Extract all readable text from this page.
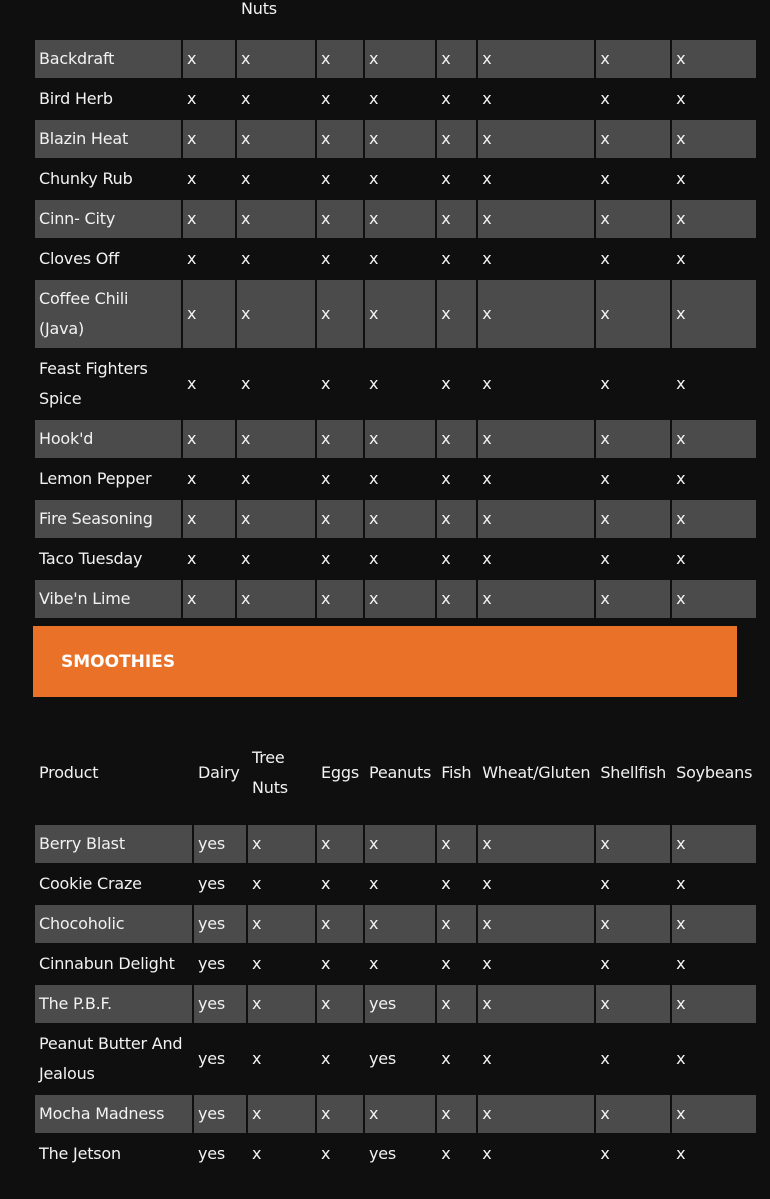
		Nuts						
Backdraft	x	x	x	x	x	x	x	x
Bird Herb	x	x	x	x	x	x	x	x
Blazin Heat	x	x	x	x	x	x	x	x
Chunky Rub	x	x	x	x	x	x	x	x
Cinn- City	x	x	x	x	x	x	x	x
Cloves Off	x	x	x	x	x	x	x	x
Coffee Chili (Java)	x	x	x	x	x	x	x	x
Feast Fighters Spice	x	x	x	x	x	x	x	x
Hook'd	x	x	x	x	x	x	x	x
Lemon Pepper	x	x	x	x	x	x	x	x
Fire Seasoning	x	x	x	x	x	x	x	x
Taco Tuesday	x	x	x	x	x	x	x	x
Vibe'n Lime	x	x	x	x	x	x	x	x
SMOOTHIES
Product	Dairy	Tree Nuts	Eggs	Peanuts	Fish	Wheat/Gluten	Shellfish	Soybeans
Berry Blast	yes	x	x	x	x	x	x	x
Cookie Craze	yes	x	x	x	x	x	x	x
Chocoholic	yes	x	x	x	x	x	x	x
Cinnabun Delight	yes	x	x	x	x	x	x	x
The P.B.F.	yes	x	x	yes	x	x	x	x
Peanut Butter And Jealous	yes	x	x	yes	x	x	x	x
Mocha Madness	yes	x	x	x	x	x	x	x
The Jetson	yes	x	x	yes	x	x	x	x
